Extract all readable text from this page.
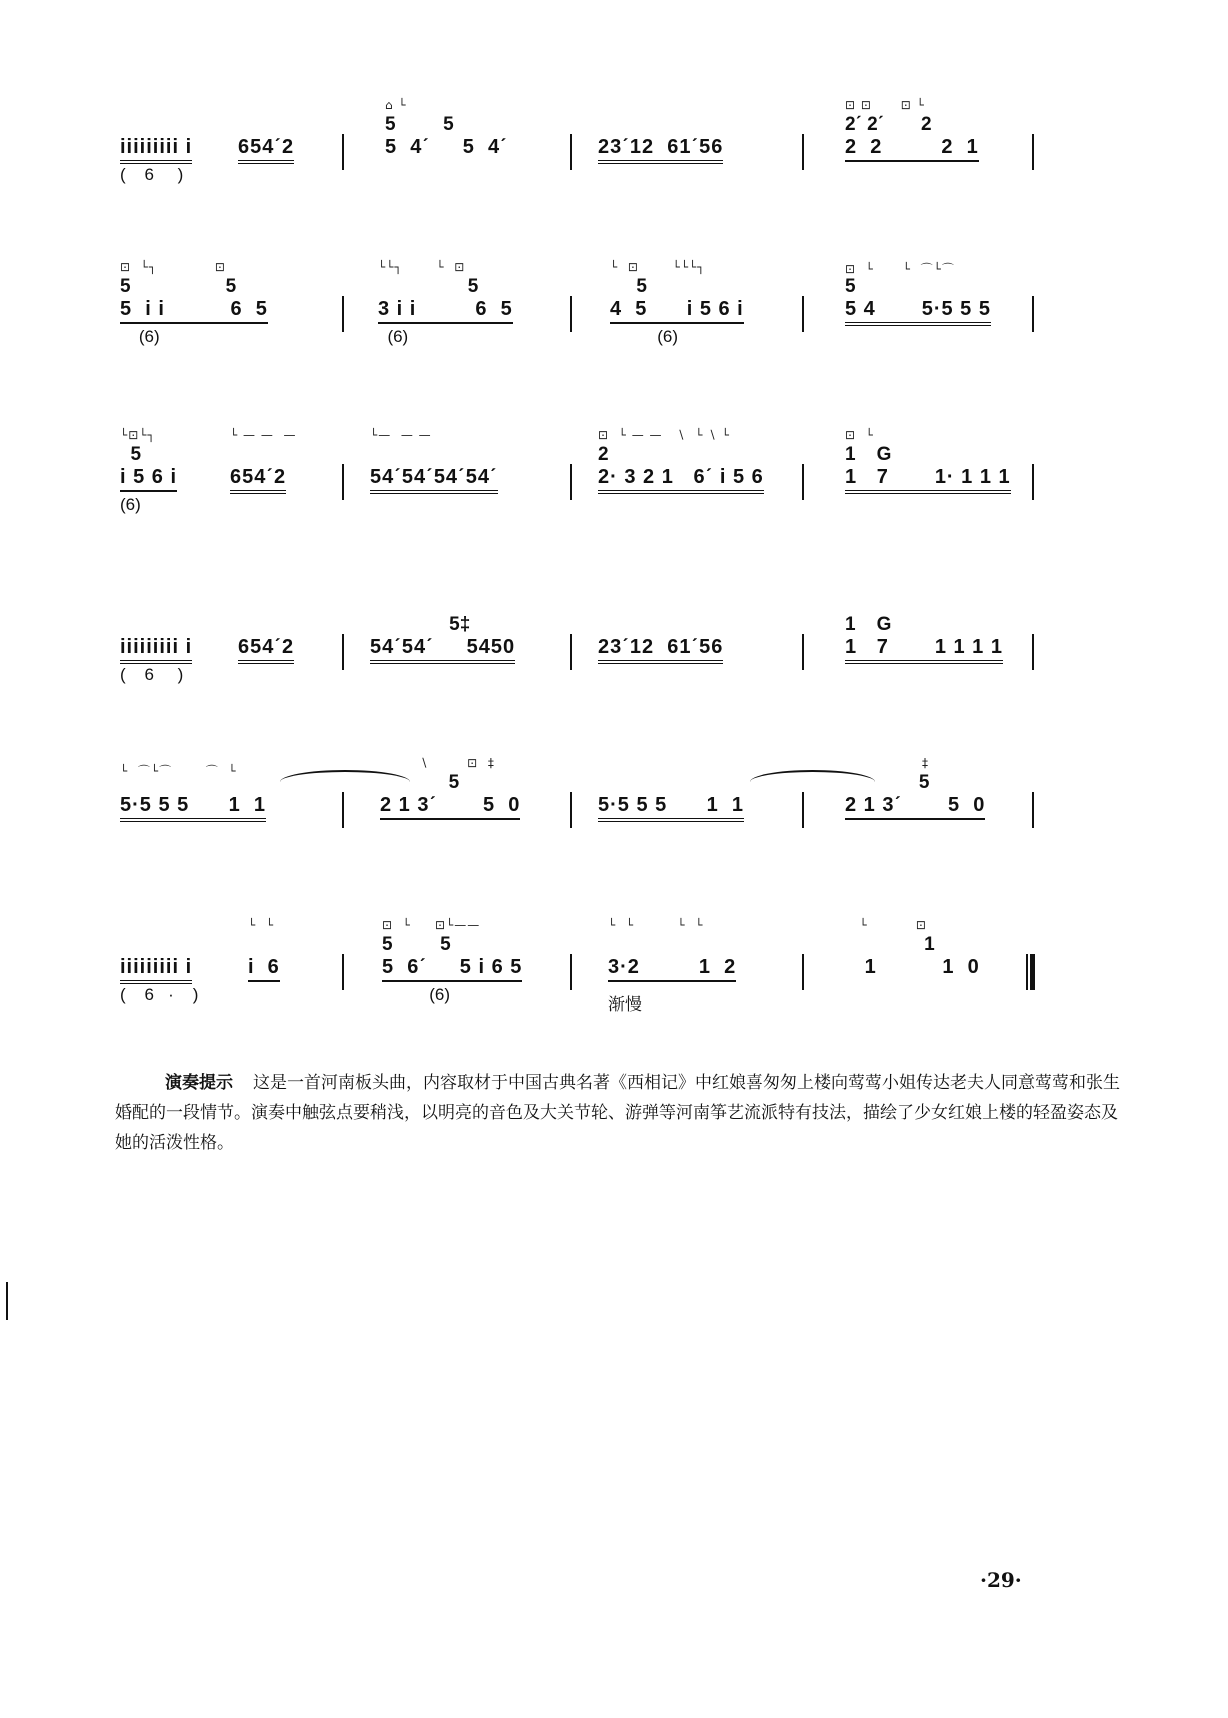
iiiiiiiii i
(    6     )
654ˊ2
⌂ └
5         5
5  4ˊ     5  4ˊ	23ˊ12  61ˊ56
⊡ ⊡      ⊡ └
2ˊ 2ˊ       2
2  2         2  1
⊡  └┐            ⊡
5                  5
5  i i          6  5
(6)
└└┐       └  ⊡
5
3 i i         6  5
(6)
└  ⊡       └└└┐
5
4  5      i 5 6 i
(6)
⊡  └      └  ⌒└⌒
5
5 4       5·5 5 5
└⊡└┐
5
i 5 6 i
(6)
└ — —  —
654ˊ2
└—  — —
54ˊ54ˊ54ˊ54ˊ
⊡  └ — —   ∖  └ ∖ └
2
2· 3 2 1   6ˊ i 5 6
⊡  └
1    G
1   7       1· 1 1 1
iiiiiiiii i
(    6     )
654ˊ2
5‡
54ˊ54ˊ     5450	23ˊ12  61ˊ56
1    G
1   7       1 1 1 1
└  ⌒└⌒       ⌒  └
5·5 5 5      1  1
∖        ⊡  ‡
5
2 1 3ˊ       5  0	5·5 5 5      1  1
‡
5
2 1 3ˊ       5  0
iiiiiiiii i
(    6   ·    )
└  └
i  6
⊡  └     ⊡└——
5         5
5  6ˊ     5 i 6 5
(6)
└  └         └  └
3·2         1  2
渐慢
└          ⊡
1
1          1  0
演奏提示 这是一首河南板头曲，内容取材于中国古典名著《西相记》中红娘喜匆匆上楼向莺莺小姐传达老夫人同意莺莺和张生婚配的一段情节。演奏中触弦点要稍浅，以明亮的音色及大关节轮、游弹等河南筝艺流派特有技法，描绘了少女红娘上楼的轻盈姿态及她的活泼性格。
·29·
